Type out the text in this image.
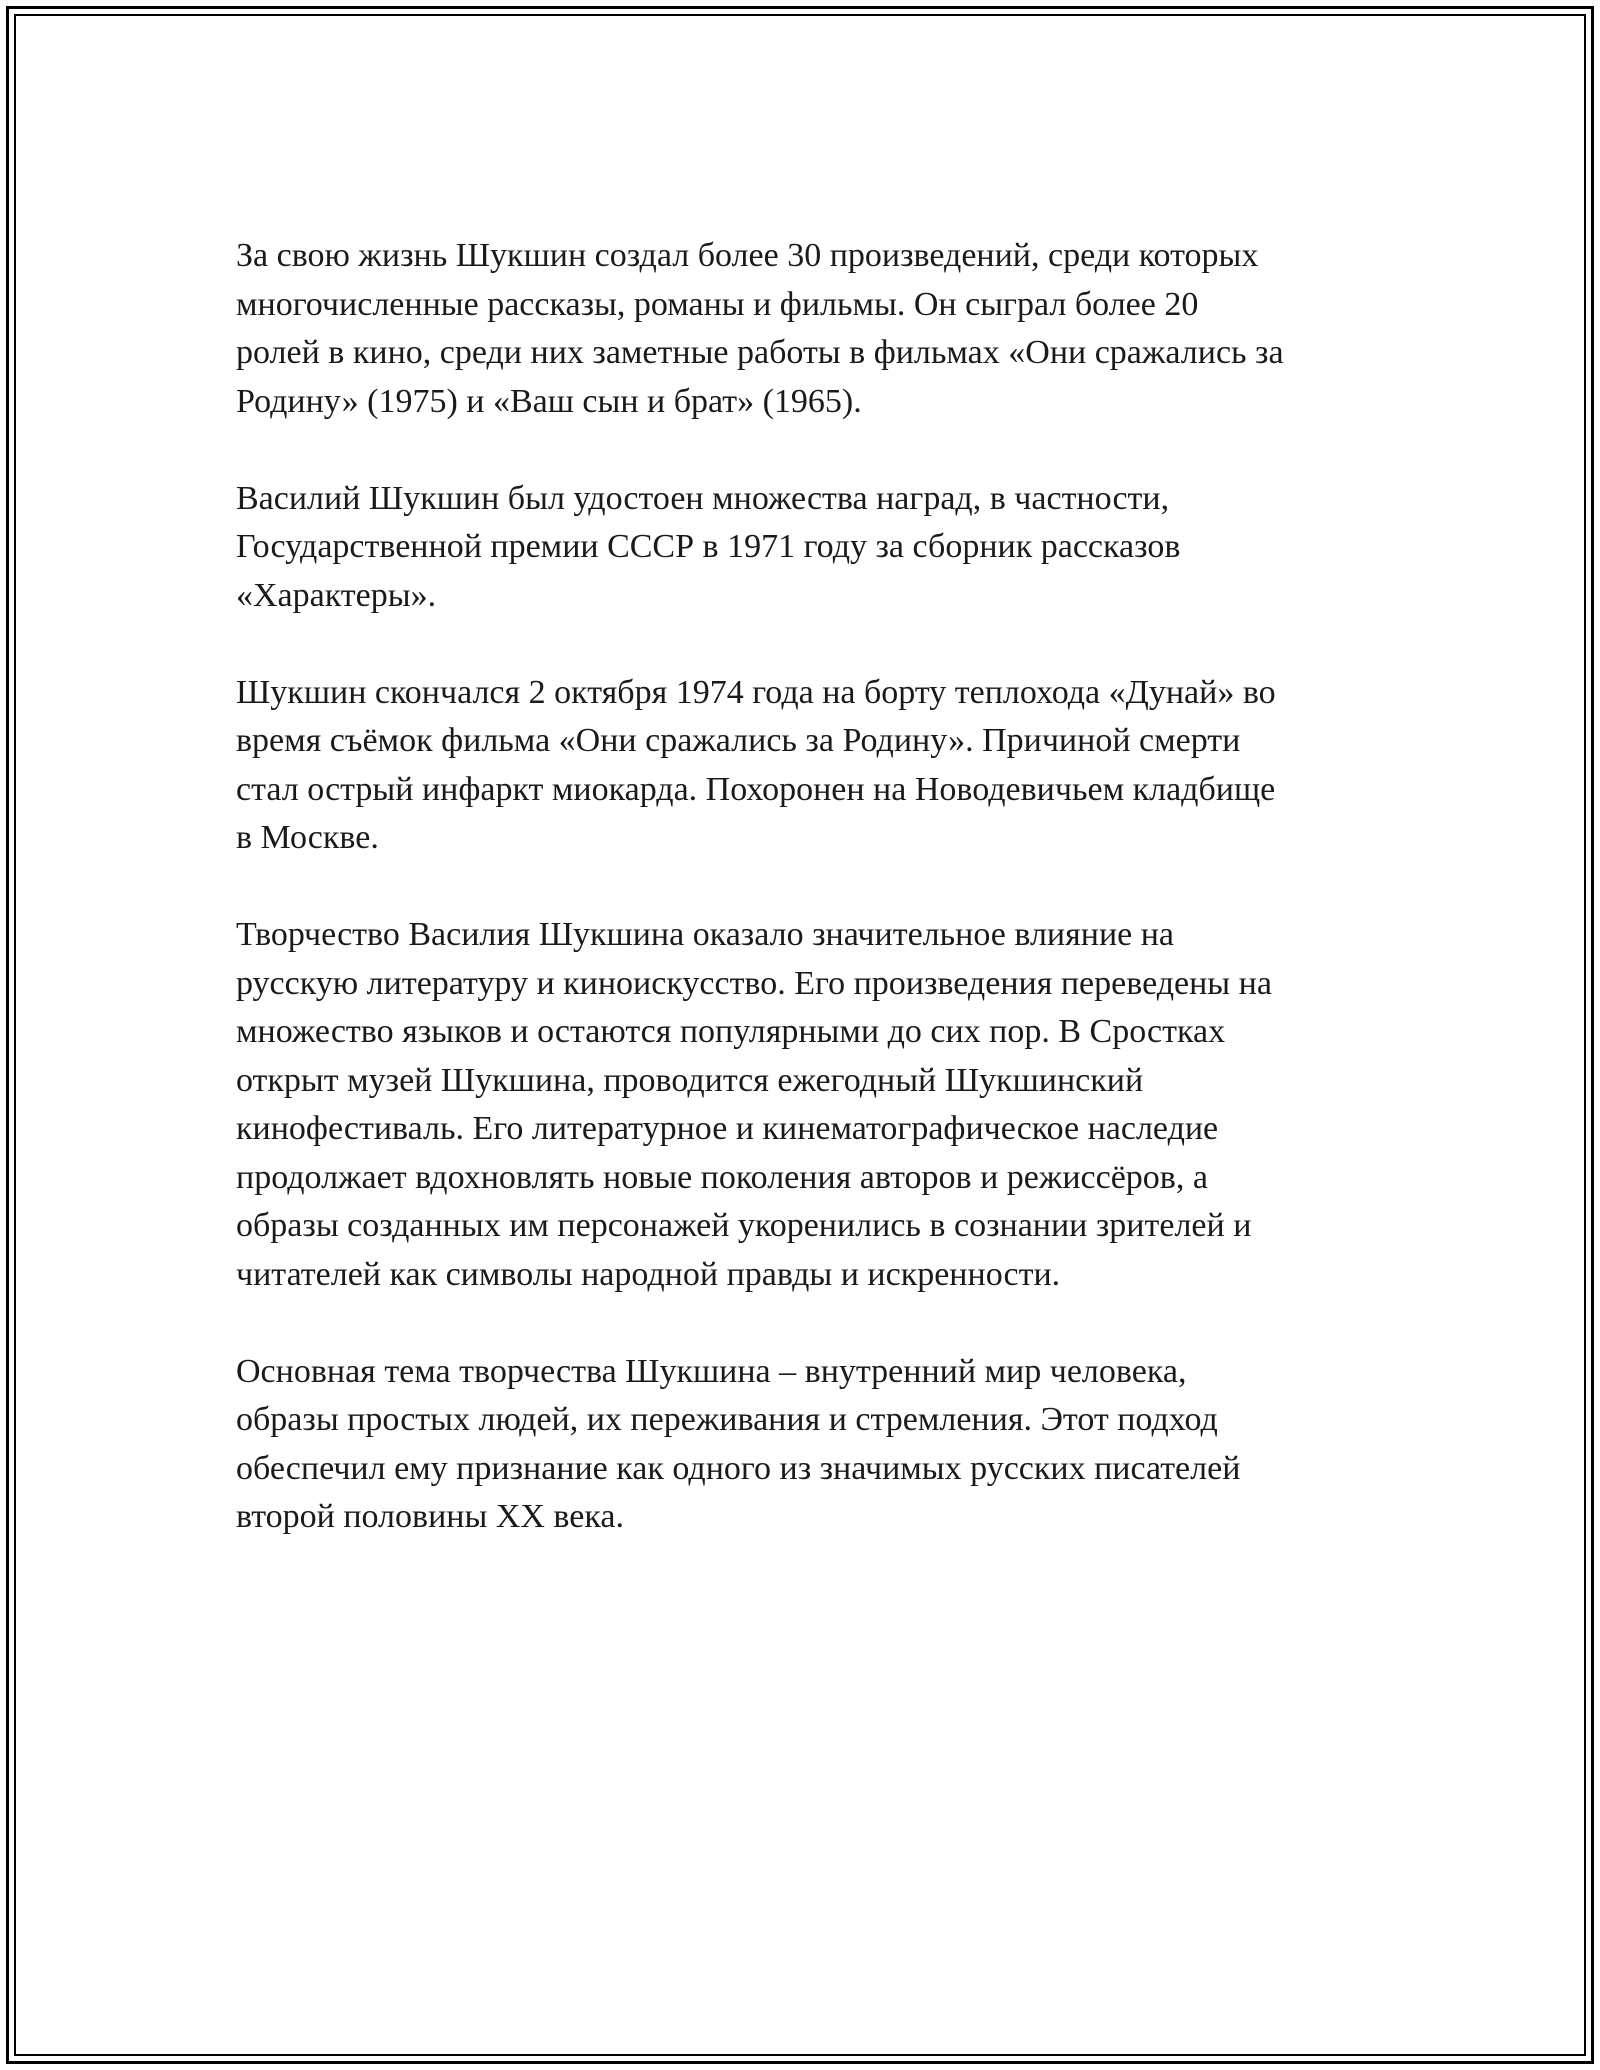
За свою жизнь Шукшин создал более 30 произведений, среди которых
многочисленные рассказы, романы и фильмы. Он сыграл более 20
ролей в кино, среди них заметные работы в фильмах «Они сражались за
Родину» (1975) и «Ваш сын и брат» (1965).

Василий Шукшин был удостоен множества наград, в частности,
Государственной премии СССР в 1971 году за сборник рассказов
«Характеры».

Шукшин скончался 2 октября 1974 года на борту теплохода «Дунай» во
время съёмок фильма «Они сражались за Родину». Причиной смерти
стал острый инфаркт миокарда. Похоронен на Новодевичьем кладбище
в Москве.

Творчество Василия Шукшина оказало значительное влияние на
русскую литературу и киноискусство. Его произведения переведены на
множество языков и остаются популярными до сих пор. В Сростках
открыт музей Шукшина, проводится ежегодный Шукшинский
кинофестиваль. Его литературное и кинематографическое наследие
продолжает вдохновлять новые поколения авторов и режиссёров, а
образы созданных им персонажей укоренились в сознании зрителей и
читателей как символы народной правды и искренности.

Основная тема творчества Шукшина – внутренний мир человека,
образы простых людей, их переживания и стремления. Этот подход
обеспечил ему признание как одного из значимых русских писателей
второй половины XX века.
